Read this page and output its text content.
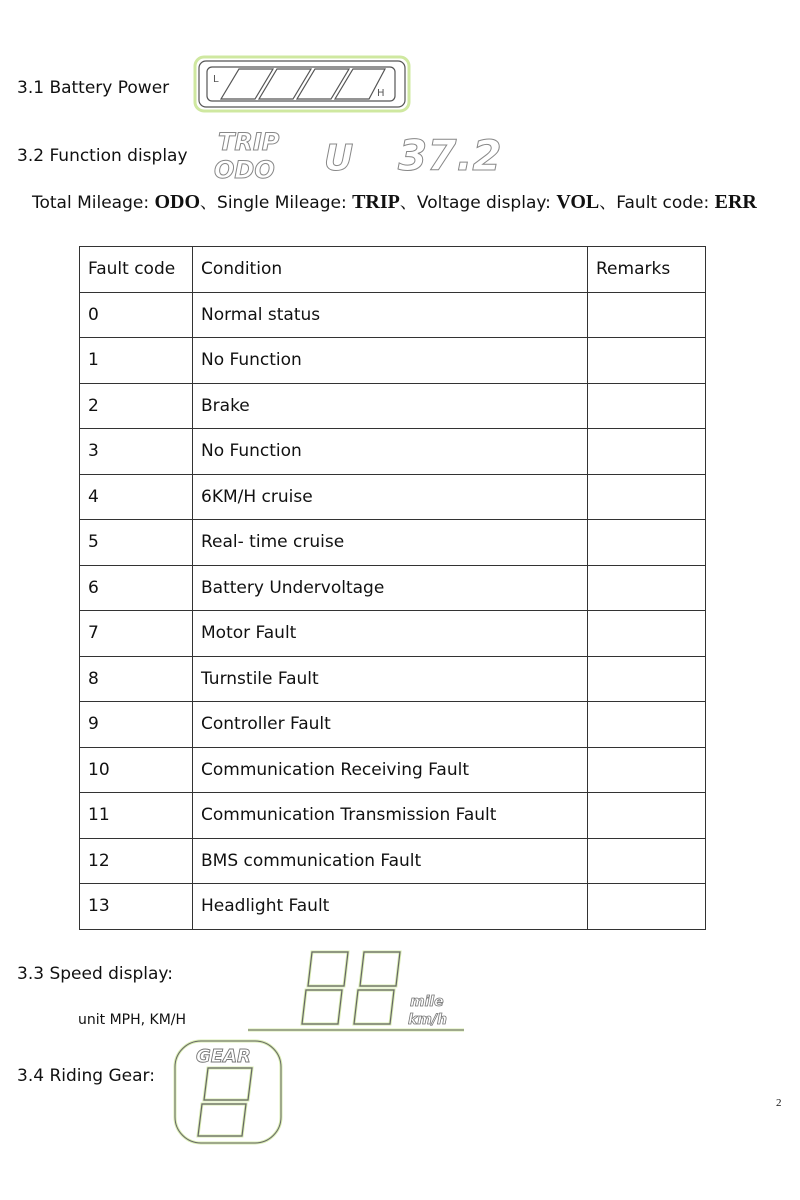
3.1 Battery Power	L
H
3.2 Function display TRIP
ODO U 37.2
Total Mileage: ODO、Single Mileage: TRIP、Voltage display: VOL、Fault code: ERR
Fault code	Condition	Remarks
0	Normal status	
1	No Function	
2	Brake	
3	No Function	
4	6KM/H cruise	
5	Real- time cruise	
6	Battery Undervoltage	
7	Motor Fault	
8	Turnstile Fault	
9	Controller Fault	
10	Communication Receiving Fault	
11	Communication Transmission Fault	
12	BMS communication Fault	
13	Headlight Fault	
3.3 Speed display:
unit MPH, KM/H
mile
km/h
3.4 Riding Gear:
GEAR
2
